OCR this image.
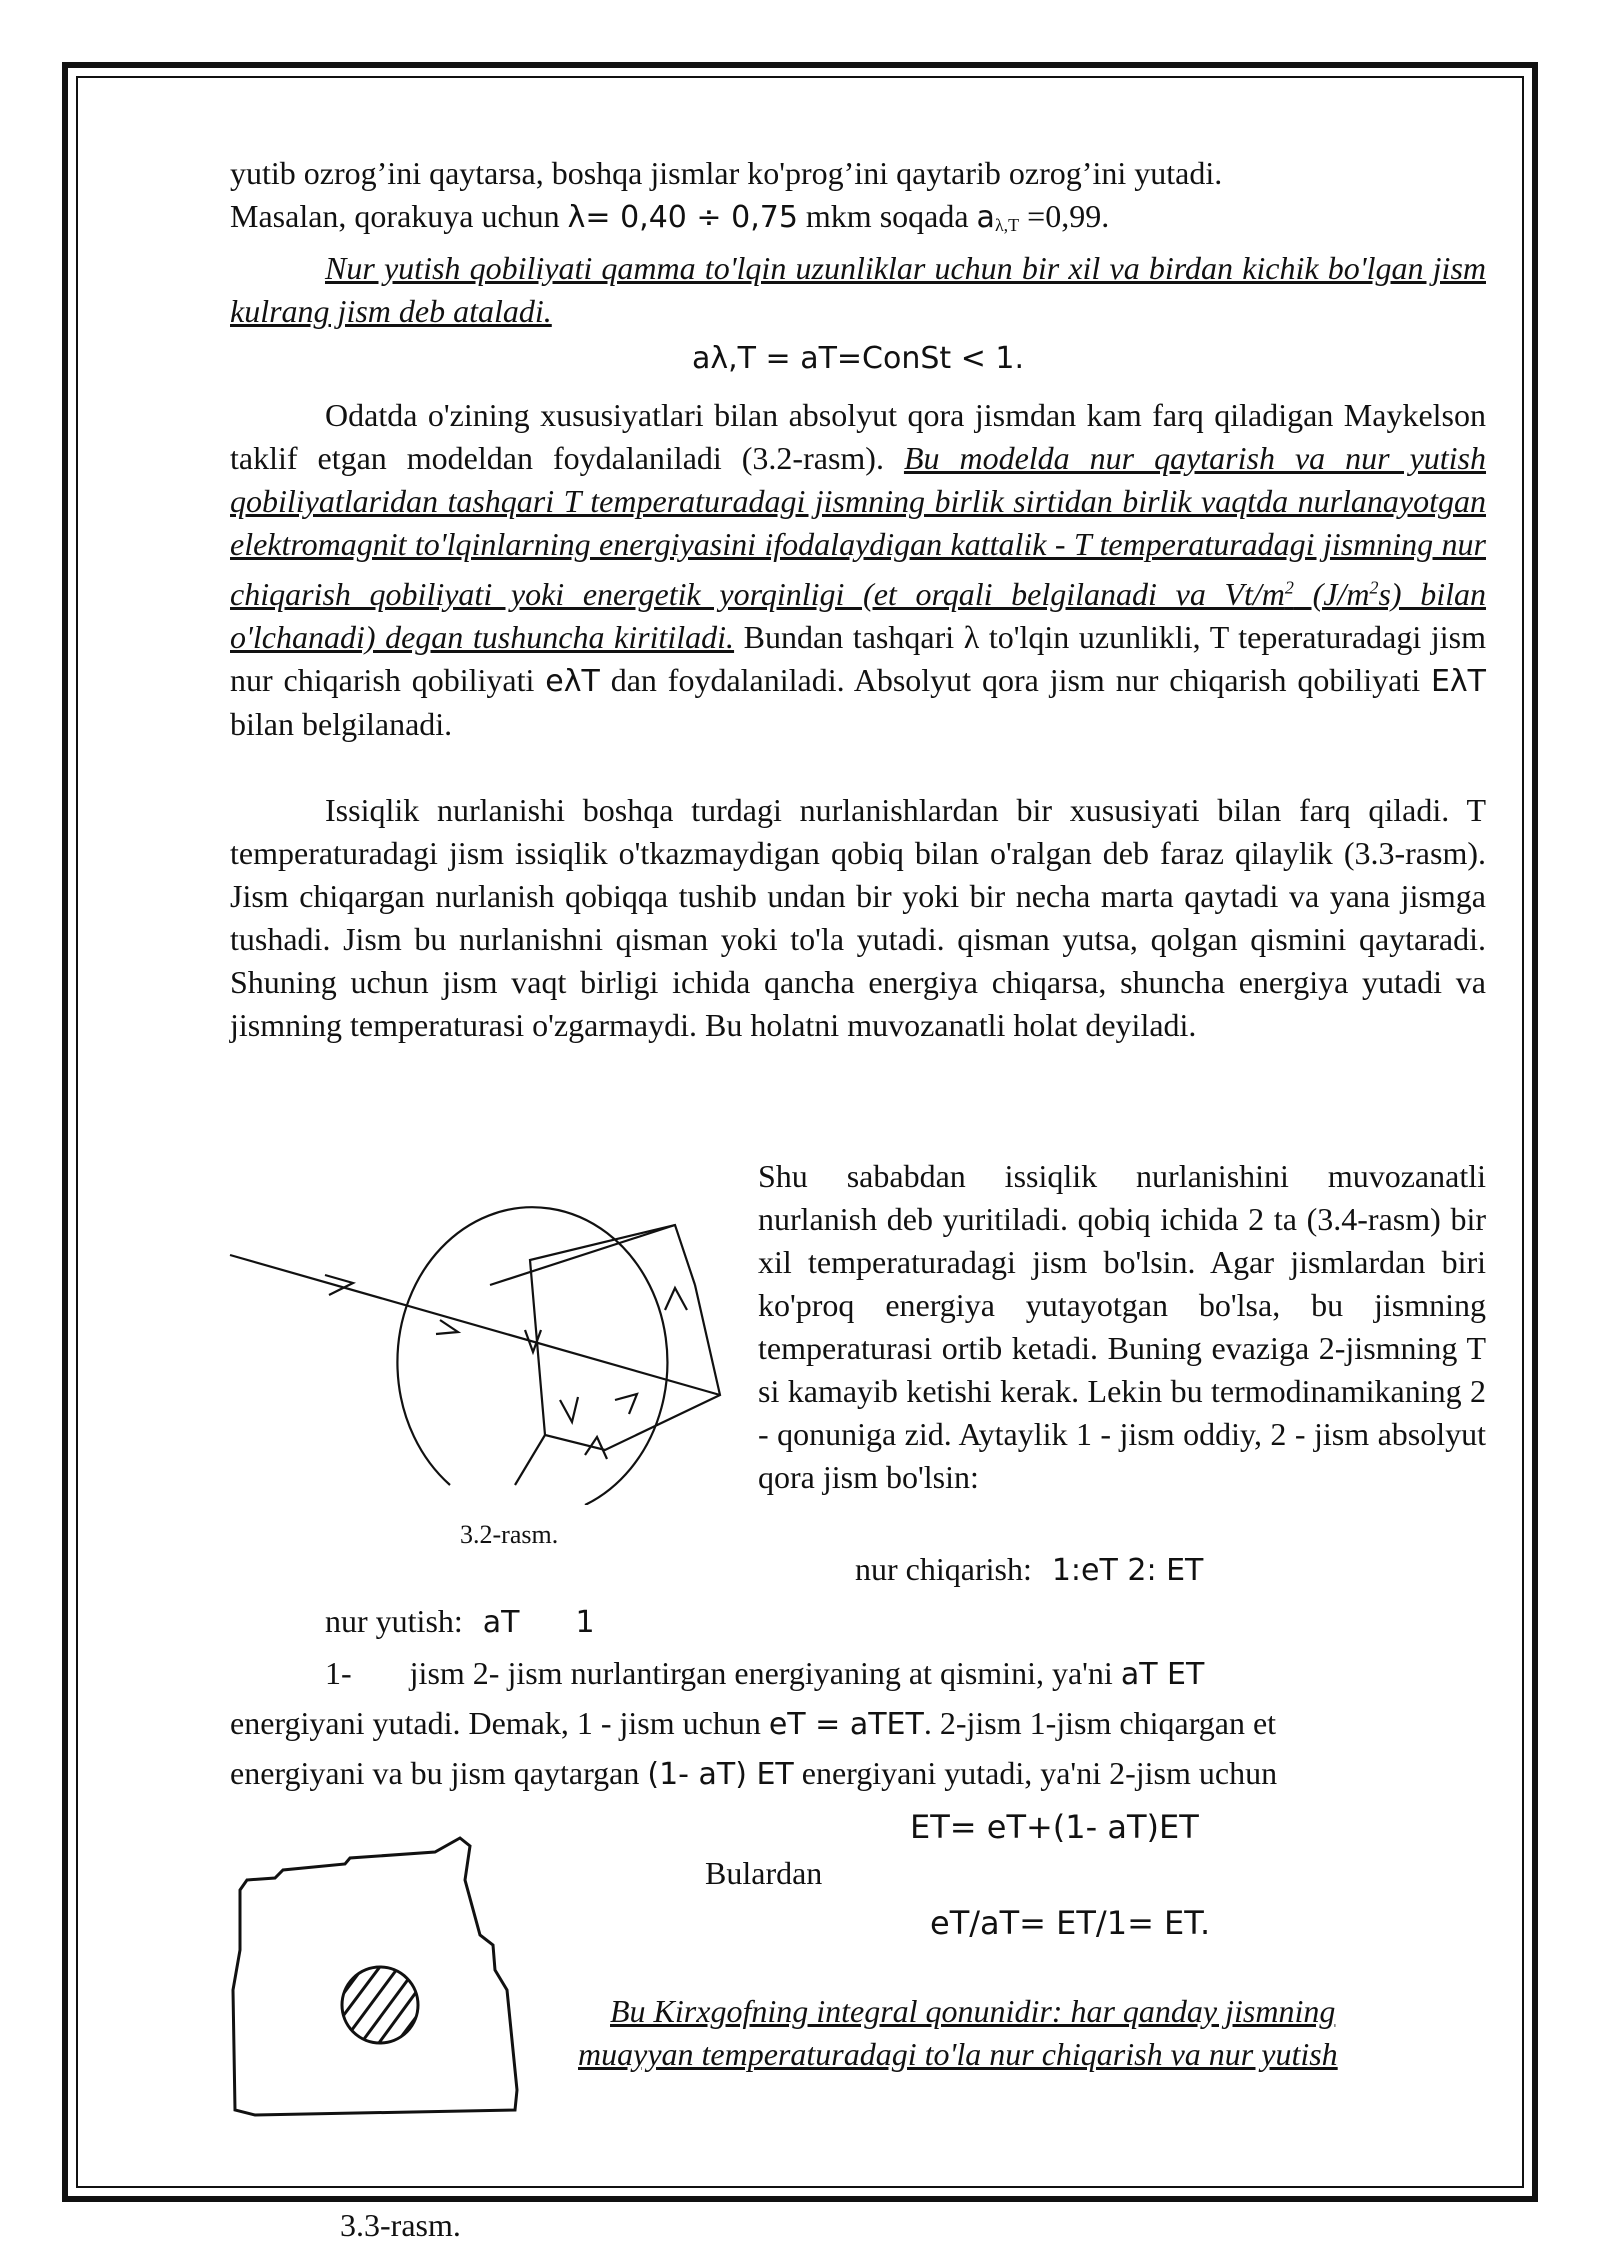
yutib ozrog’ini qaytarsa, boshqa jismlar ko'prog’ini qaytarib ozrog’ini yutadi.

Masalan, qorakuya uchun λ= 0,40 ÷ 0,75 mkm soqada $a_{\lambda,T} =0,99$.

Nur yutish qobiliyati qamma to'lqin uzunliklar uchun bir xil va birdan kichik bo'lgan jism kulrang jism deb ataladi.

aλ,T = aT=ConSt < 1.

Odatda o'zining xususiyatlari bilan absolyut qora jismdan kam farq qiladigan Maykelson taklif etgan modeldan foydalaniladi (3.2-rasm). Bu modelda nur qaytarish va nur yutish qobiliyatlaridan tashqari T temperaturadagi jismning birlik sirtidan birlik vaqtda nurlanayotgan elektromagnit to'lqinlarning energiyasini ifodalaydigan kattalik - T temperaturadagi jismning nur chiqarish qobiliyati yoki energetik yorqinligi (et orqali belgilanadi va $Vt/m^2$ $(J/m^2s)$ bilan o'lchanadi) degan tushuncha kiritiladi. Bundan tashqari λ to'lqin uzunlikli, T teperaturadagi jism nur chiqarish qobiliyati eλT dan foydalaniladi. Absolyut qora jism nur chiqarish qobiliyati EλT bilan belgilanadi.

Issiqlik nurlanishi boshqa turdagi nurlanishlardan bir xususiyati bilan farq qiladi. T temperaturadagi jism issiqlik o'tkazmaydigan qobiq bilan o'ralgan deb faraz qilaylik (3.3-rasm). Jism chiqargan nurlanish qobiqqa tushib undan bir yoki bir necha marta qaytadi va yana jismga tushadi. Jism bu nurlanishni qisman yoki to'la yutadi. qisman yutsa, qolgan qismini qaytaradi. Shuning uchun jism vaqt birligi ichida qancha energiya chiqarsa, shuncha energiya yutadi va jismning temperaturasi o'zgarmaydi. Bu holatni muvozanatli holat deyiladi.

3.2-rasm.
Shu sababdan issiqlik nurlanishini muvozanatli nurlanish deb yuritiladi. qobiq ichida 2 ta (3.4-rasm) bir xil temperaturadagi jism bo'lsin. Agar jismlardan biri ko'proq energiya yutayotgan bo'lsa, bu jismning temperaturasi ortib ketadi. Buning evaziga 2-jismning T si kamayib ketishi kerak. Lekin bu termodinamikaning 2 - qonuniga zid. Aytaylik 1 - jism oddiy, 2 - jism absolyut qora jism bo'lsin:
nur chiqarish: 1:eT 2: ET
nur yutish: aT 1
1- jism 2- jism nurlantirgan energiyaning at qismini, ya'ni aT ET
energiyani yutadi. Demak, 1 - jism uchun eT = aTET. 2-jism 1-jism chiqargan et
energiyani va bu jism qaytargan (1- aT) ET energiyani yutadi, ya'ni 2-jism uchun
ET= eT+(1- aT)ET
Bulardan
eT/aT= ET/1= ET.
Bu Kirxgofning integral qonunidir: har qanday jismning
muayyan temperaturadagi to'la nur chiqarish va nur yutish
3.3-rasm.
